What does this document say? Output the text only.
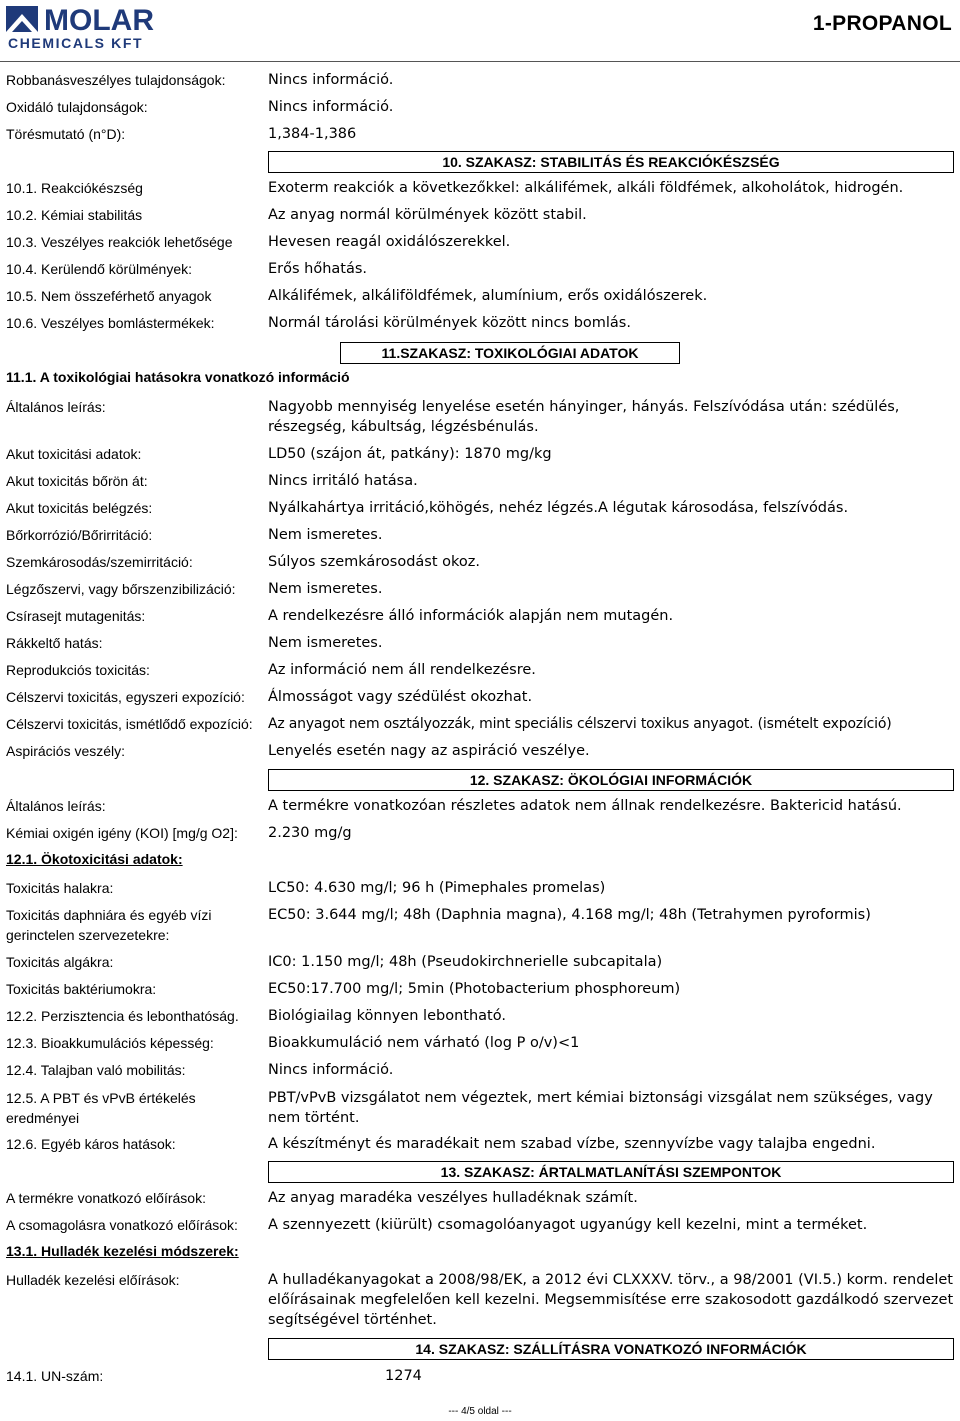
MOLAR
CHEMICALS KFT
1-PROPANOL
Robbanásveszélyes tulajdonságok:	Nincs információ.
Oxidáló tulajdonságok:	Nincs információ.
Törésmutató (n°D):	1,384-1,386
10. SZAKASZ: STABILITÁS ÉS REAKCIÓKÉSZSÉG
10.1. Reakciókészség	Exoterm reakciók a következőkkel: alkálifémek, alkáli földfémek, alkoholátok, hidrogén.
10.2. Kémiai stabilitás	Az anyag normál körülmények között stabil.
10.3. Veszélyes reakciók lehetősége Hevesen reagál oxidálószerekkel.
10.4. Kerülendő körülmények:	Erős hőhatás.
10.5. Nem összeférhető anyagok	Alkálifémek, alkáliföldfémek, alumínium, erős oxidálószerek.
10.6. Veszélyes bomlástermékek:	Normál tárolási körülmények között nincs bomlás.
11.SZAKASZ: TOXIKOLÓGIAI ADATOK
11.1. A toxikológiai hatásokra vonatkozó információ
Általános leírás:	Nagyobb mennyiség lenyelése esetén hányinger, hányás. Felszívódása után: szédülés, részegség, kábultság, légzésbénulás.
Akut toxicitási adatok:	LD50 (szájon át, patkány): 1870 mg/kg
Akut toxicitás bőrön át:	Nincs irritáló hatása.
Akut toxicitás belégzés:	Nyálkahártya irritáció,köhögés, nehéz légzés.A légutak károsodása, felszívódás.
Bőrkorrózió/Bőrirritáció:	Nem ismeretes.
Szemkárosodás/szemirritáció:	Súlyos szemkárosodást okoz.
Légzőszervi, vagy bőrszenzibilizáció: Nem ismeretes.
Csírasejt mutagenitás:	A rendelkezésre álló információk alapján nem mutagén.
Rákkeltő hatás:	Nem ismeretes.
Reprodukciós toxicitás:	Az információ nem áll rendelkezésre.
Célszervi toxicitás, egyszeri expozíció: Álmosságot vagy szédülést okozhat.
Célszervi toxicitás, ismétlődő expozíció: Az anyagot nem osztályozzák, mint speciális célszervi toxikus anyagot. (ismételt expozíció)
Aspirációs veszély:	Lenyelés esetén nagy az aspiráció veszélye.
12. SZAKASZ: ÖKOLÓGIAI INFORMÁCIÓK
Általános leírás:	A termékre vonatkozóan részletes adatok nem állnak rendelkezésre. Baktericid hatású.
Kémiai oxigén igény (KOI) [mg/g O2]: 2.230 mg/g
12.1. Ökotoxicitási adatok:
Toxicitás halakra:	LC50: 4.630 mg/l; 96 h (Pimephales promelas)
Toxicitás daphniára és egyéb vízi gerinctelen szervezetekre:
EC50: 3.644 mg/l; 48h (Daphnia magna), 4.168 mg/l; 48h (Tetrahymen pyroformis)
Toxicitás algákra:	IC0: 1.150 mg/l; 48h (Pseudokirchnerielle subcapitala)
Toxicitás baktériumokra:	EC50:17.700 mg/l; 5min (Photobacterium phosphoreum)
12.2. Perzisztencia és lebonthatóság. Biológiailag könnyen lebontható.
12.3. Bioakkumulációs képesség:	Bioakkumuláció nem várható (log P o/v)<1
12.4. Talajban való mobilitás:	Nincs információ.
12.5. A PBT és vPvB értékelés eredményei
PBT/vPvB vizsgálatot nem végeztek, mert kémiai biztonsági vizsgálat nem szükséges, vagy nem történt.
12.6. Egyéb káros hatások:	A készítményt és maradékait nem szabad vízbe, szennyvízbe vagy talajba engedni.
13. SZAKASZ: ÁRTALMATLANÍTÁSI SZEMPONTOK
A termékre vonatkozó előírások:	Az anyag maradéka veszélyes hulladéknak számít.
A csomagolásra vonatkozó előírások: A szennyezett (kiürült) csomagolóanyagot ugyanúgy kell kezelni, mint a terméket.
13.1. Hulladék kezelési módszerek:
Hulladék kezelési előírások:	A hulladékanyagokat a 2008/98/EK, a 2012 évi CLXXXV. törv., a 98/2001 (VI.5.) korm. rendelet előírásainak megfelelően kell kezelni. Megsemmisítése erre szakosodott gazdálkodó szervezet segítségével történhet.
14. SZAKASZ: SZÁLLÍTÁSRA VONATKOZÓ INFORMÁCIÓK
14.1. UN-szám:	1274
--- 4/5 oldal ---
